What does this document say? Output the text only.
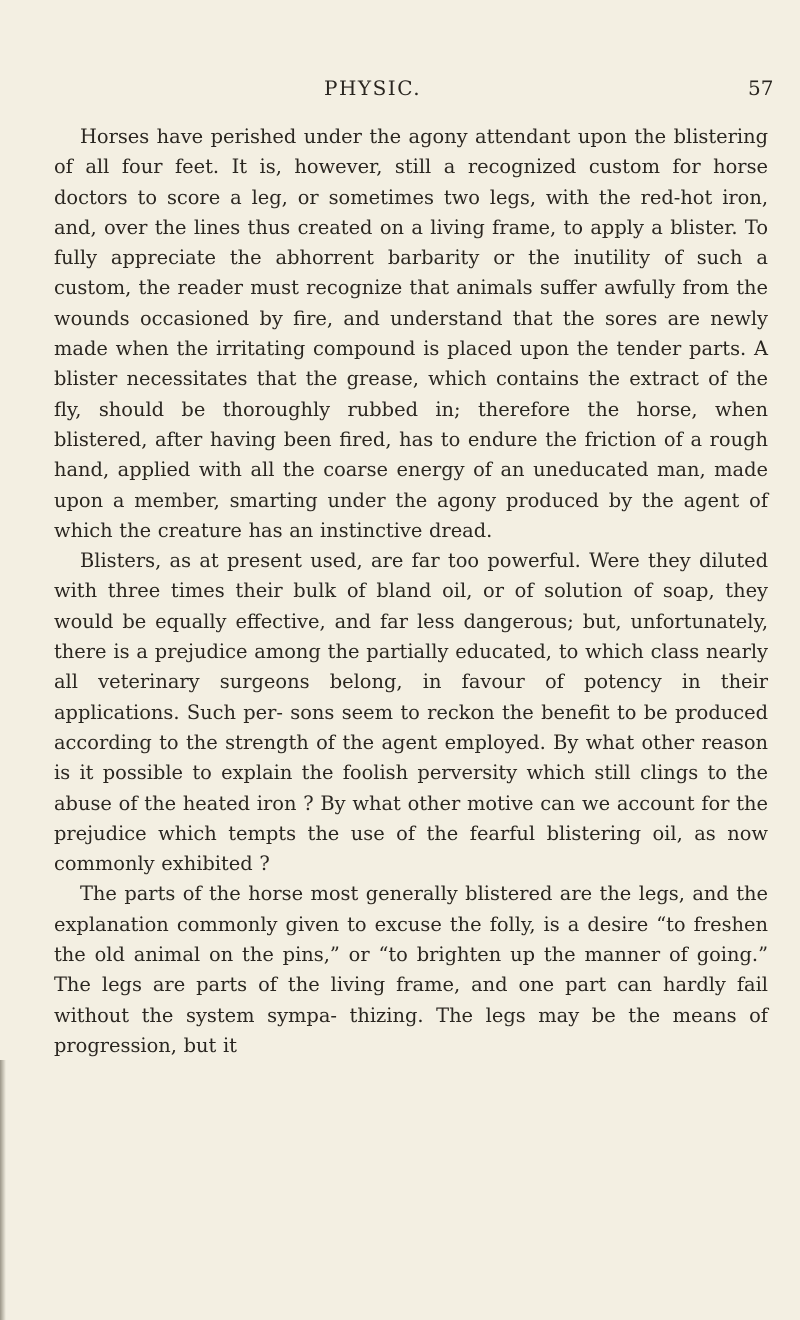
PHYSIC.	57

Horses have perished under the agony attendant upon the blistering of all four feet. It is, however, still a recognized custom for horse doctors to score a leg, or sometimes two legs, with the red-hot iron, and, over the lines thus created on a living frame, to apply a blister. To fully appreciate the abhorrent barbarity or the inutility of such a custom, the reader must recognize that animals suffer awfully from the wounds occasioned by fire, and understand that the sores are newly made when the irritating compound is placed upon the tender parts. A blister necessitates that the grease, which contains the extract of the fly, should be thoroughly rubbed in; therefore the horse, when blistered, after having been fired, has to endure the friction of a rough hand, applied with all the coarse energy of an uneducated man, made upon a member, smarting under the agony produced by the agent of which the creature has an instinctive dread.

Blisters, as at present used, are far too powerful. Were they diluted with three times their bulk of bland oil, or of solution of soap, they would be equally effective, and far less dangerous; but, unfortunately, there is a prejudice among the partially educated, to which class nearly all veterinary surgeons belong, in favour of potency in their applications. Such per- sons seem to reckon the benefit to be produced according to the strength of the agent employed. By what other reason is it possible to explain the foolish perversity which still clings to the abuse of the heated iron ? By what other motive can we account for the prejudice which tempts the use of the fearful blistering oil, as now commonly exhibited ?

The parts of the horse most generally blistered are the legs, and the explanation commonly given to excuse the folly, is a desire “to freshen the old animal on the pins,” or “to brighten up the manner of going.” The legs are parts of the living frame, and one part can hardly fail without the system sympa- thizing. The legs may be the means of progression, but it
